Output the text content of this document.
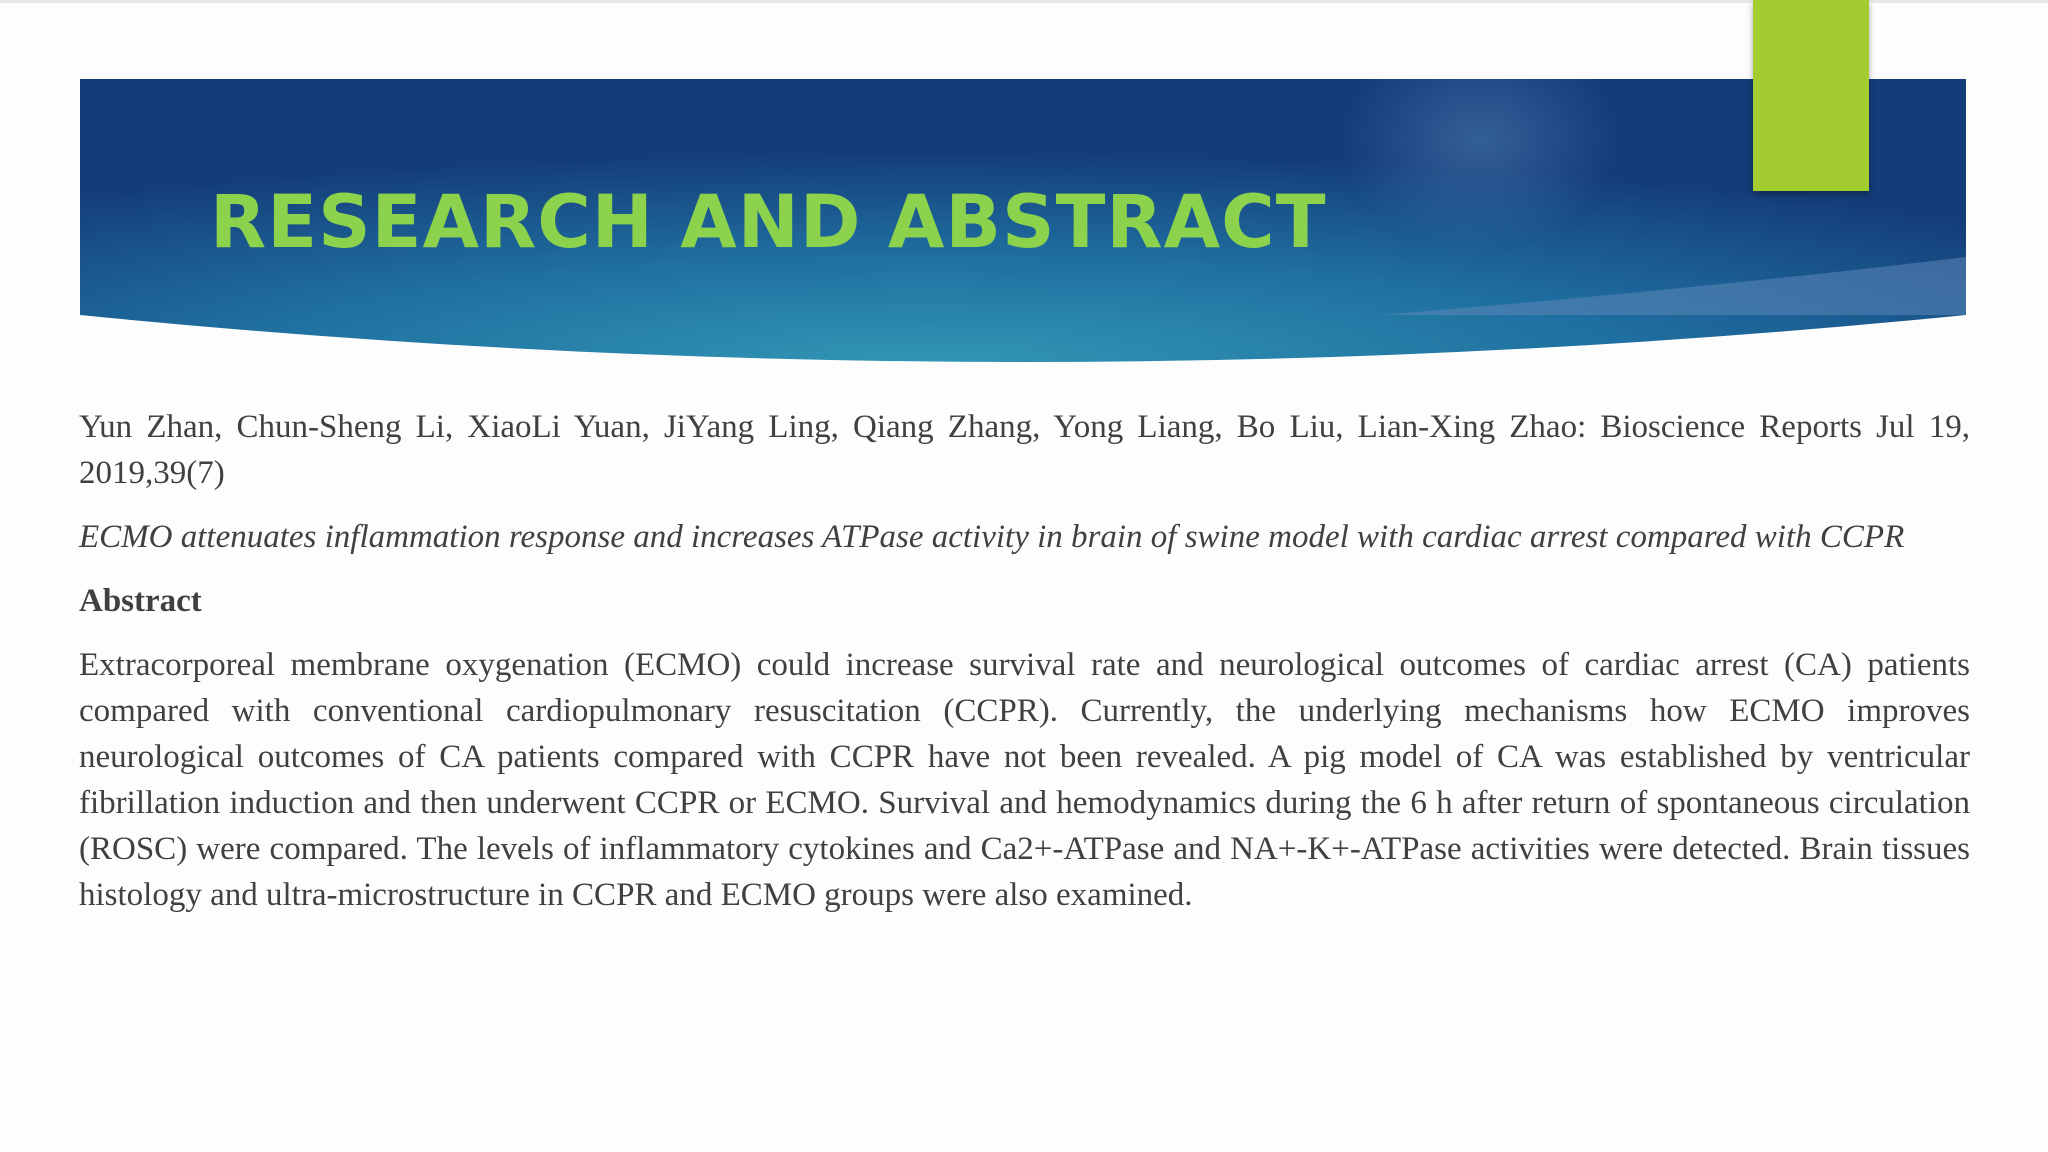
RESEARCH AND ABSTRACT

Yun Zhan, Chun-Sheng Li, XiaoLi Yuan, JiYang Ling, Qiang Zhang, Yong Liang, Bo Liu, Lian-Xing Zhao: Bioscience Reports Jul 19, 2019,39(7)

ECMO attenuates inflammation response and increases ATPase activity in brain of swine model with cardiac arrest compared with CCPR

Abstract

Extracorporeal membrane oxygenation (ECMO) could increase survival rate and neurological outcomes of cardiac arrest (CA) patients compared with conventional cardiopulmonary resuscitation (CCPR). Currently, the underlying mechanisms how ECMO improves neurological outcomes of CA patients compared with CCPR have not been revealed. A pig model of CA was established by ventricular fibrillation induction and then underwent CCPR or ECMO. Survival and hemodynamics during the 6 h after return of spontaneous circulation (ROSC) were compared. The levels of inflammatory cytokines and Ca2+-ATPase and NA+-K+-ATPase activities were detected. Brain tissues histology and ultra-microstructure in CCPR and ECMO groups were also examined.
